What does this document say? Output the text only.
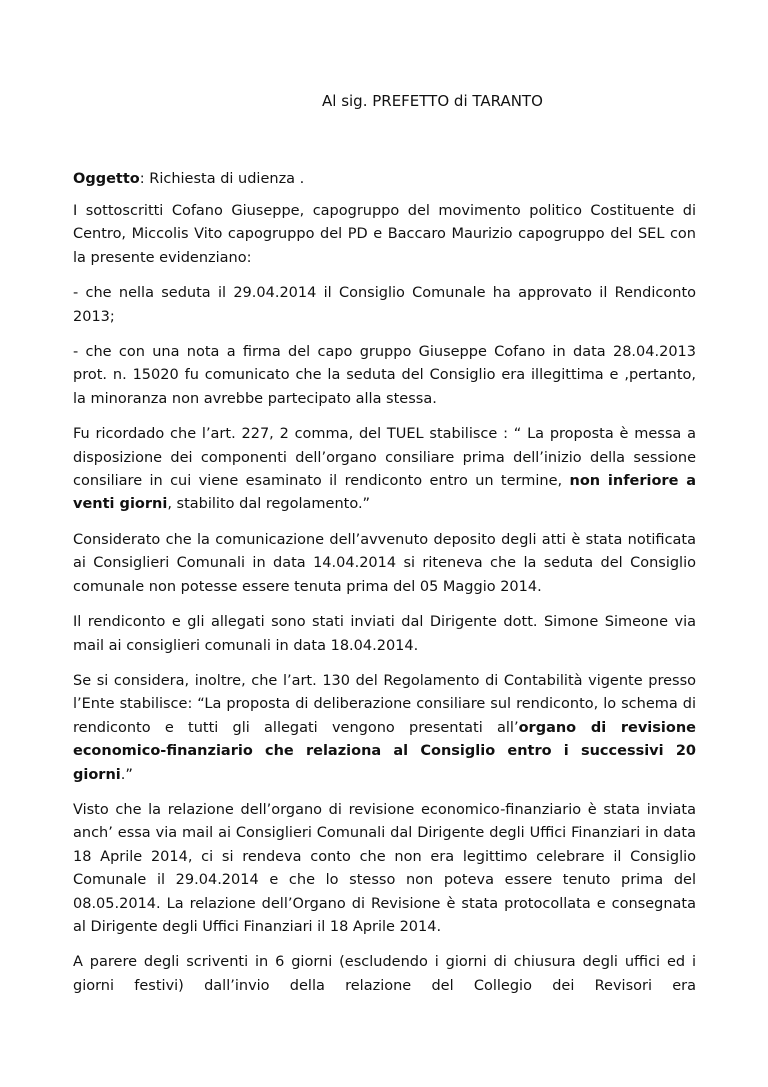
Al sig. PREFETTO di TARANTO

Oggetto: Richiesta di udienza .

I sottoscritti Cofano Giuseppe, capogruppo del movimento politico Costituente di Centro, Miccolis Vito capogruppo del PD e Baccaro Maurizio capogruppo del SEL con la presente evidenziano:

- che nella seduta il 29.04.2014 il Consiglio Comunale ha approvato il Rendiconto 2013;

- che con una nota a firma del capo gruppo Giuseppe Cofano in data 28.04.2013 prot. n. 15020 fu comunicato che la seduta del Consiglio era illegittima e ,pertanto, la minoranza non avrebbe partecipato alla stessa.

Fu ricordado che l’art. 227, 2 comma, del TUEL stabilisce : “ La proposta è messa a disposizione dei componenti dell’organo consiliare prima dell’inizio della sessione consiliare in cui viene esaminato il rendiconto entro un termine, non inferiore a venti giorni, stabilito dal regolamento.”

Considerato che la comunicazione dell’avvenuto deposito degli atti è stata notificata ai Consiglieri Comunali in data 14.04.2014 si riteneva che la seduta del Consiglio comunale non potesse essere tenuta prima del 05 Maggio 2014.

Il rendiconto e gli allegati sono stati inviati dal Dirigente dott. Simone Simeone via mail ai consiglieri comunali in data 18.04.2014.

Se si considera, inoltre, che l’art. 130 del Regolamento di Contabilità vigente presso l’Ente stabilisce: “La proposta di deliberazione consiliare sul rendiconto, lo schema di rendiconto e tutti gli allegati vengono presentati all’organo di revisione economico-finanziario che relaziona al Consiglio entro i successivi 20 giorni.”

Visto che la relazione dell’organo di revisione economico-finanziario è stata inviata anch’ essa via mail ai Consiglieri Comunali dal Dirigente degli Uffici Finanziari in data 18 Aprile 2014, ci si rendeva conto che non era legittimo celebrare il Consiglio Comunale il 29.04.2014 e che lo stesso non poteva essere tenuto prima del 08.05.2014. La relazione dell’Organo di Revisione è stata protocollata e consegnata al Dirigente degli Uffici Finanziari il 18 Aprile 2014.

A parere degli scriventi in 6 giorni (escludendo i giorni di chiusura degli uffici ed i giorni festivi) dall’invio della relazione del Collegio dei Revisori era
